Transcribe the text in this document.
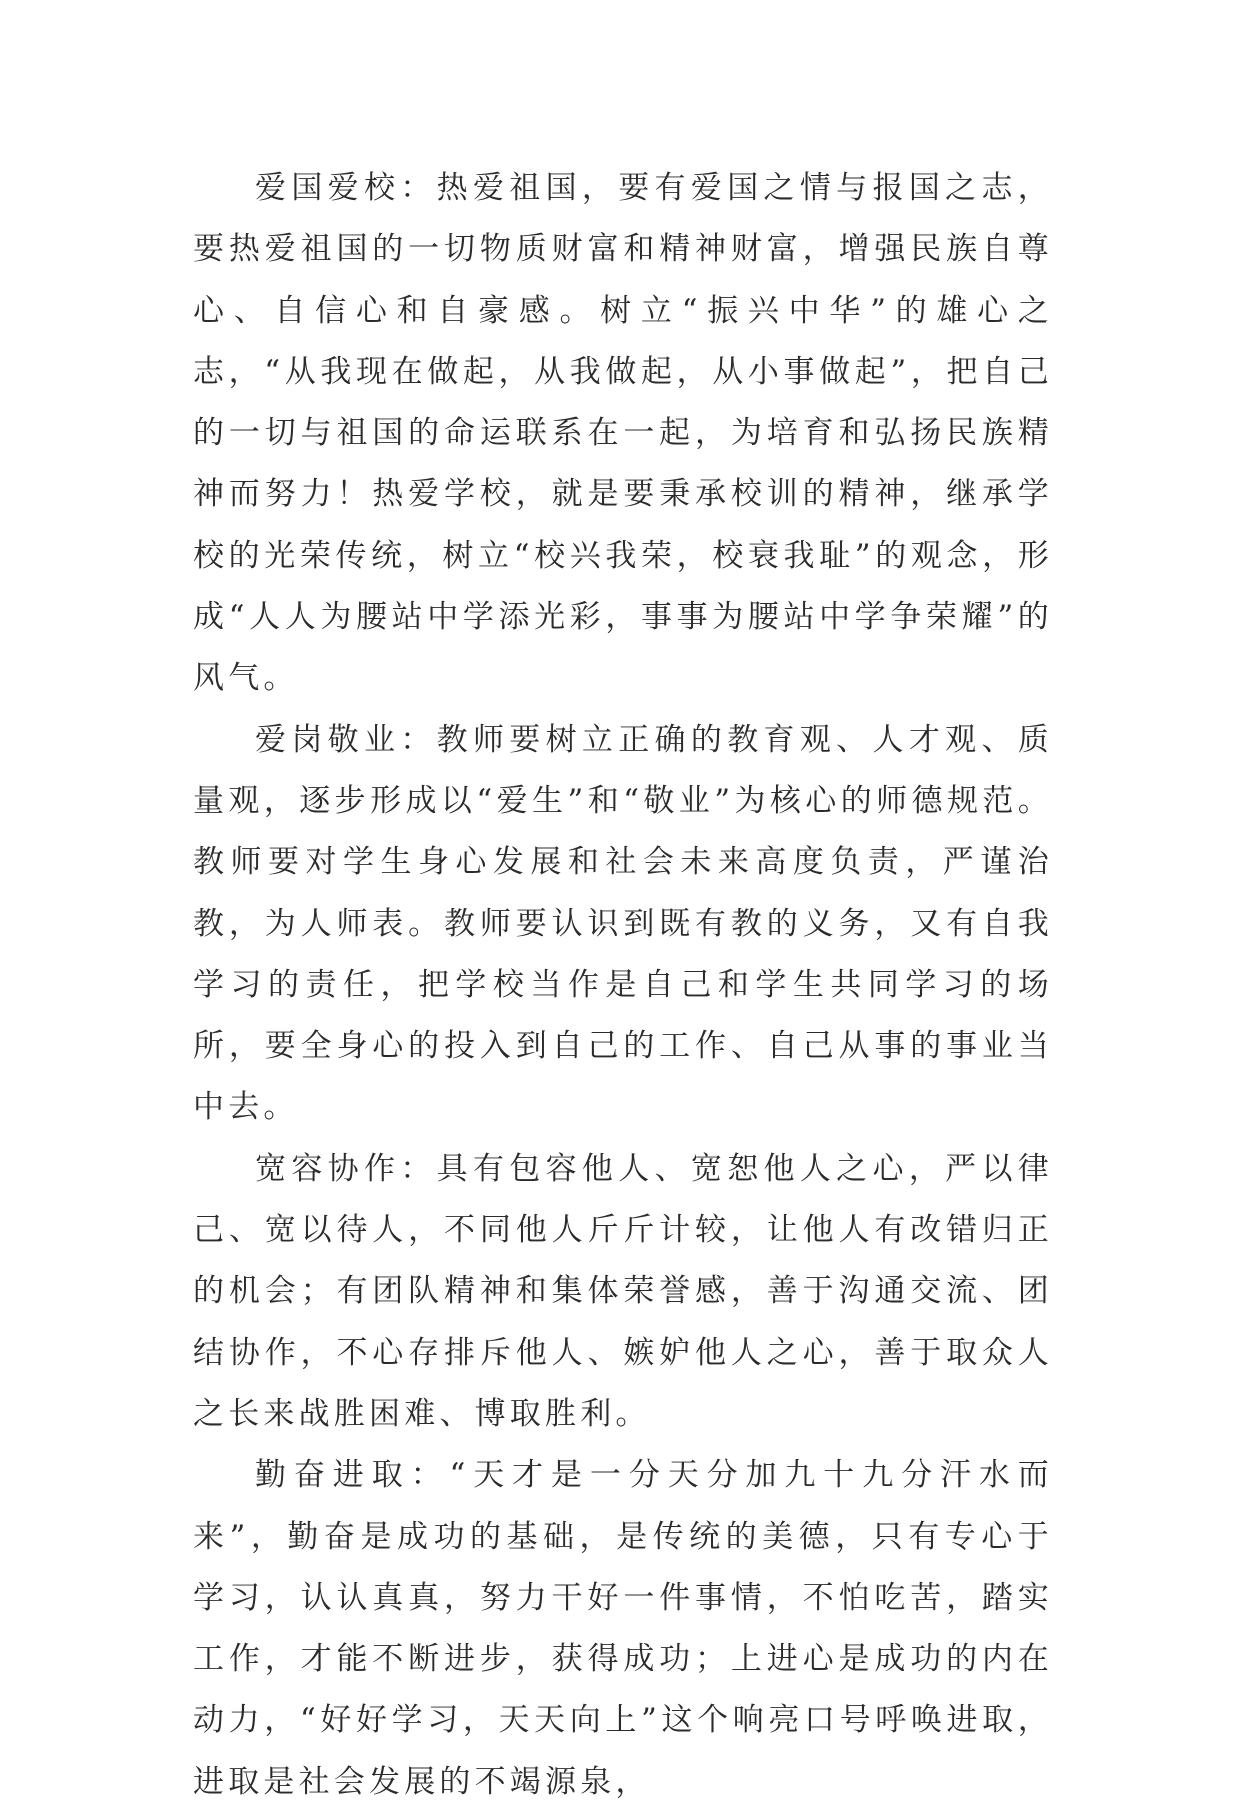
爱国爱校：热爱祖国，要有爱国之情与报国之志，要热爱祖国的一切物质财富和精神财富，增强民族自尊心、自信心和自豪感。树立“振兴中华”的雄心之志，“从我现在做起，从我做起，从小事做起”，把自己的一切与祖国的命运联系在一起，为培育和弘扬民族精神而努力！热爱学校，就是要秉承校训的精神，继承学校的光荣传统，树立“校兴我荣，校衰我耻”的观念，形成“人人为腰站中学添光彩，事事为腰站中学争荣耀”的风气。

爱岗敬业：教师要树立正确的教育观、人才观、质量观，逐步形成以“爱生”和“敬业”为核心的师德规范。教师要对学生身心发展和社会未来高度负责，严谨治教，为人师表。教师要认识到既有教的义务，又有自我学习的责任，把学校当作是自己和学生共同学习的场所，要全身心的投入到自己的工作、自己从事的事业当中去。

宽容协作：具有包容他人、宽恕他人之心，严以律己、宽以待人，不同他人斤斤计较，让他人有改错归正的机会；有团队精神和集体荣誉感，善于沟通交流、团结协作，不心存排斥他人、嫉妒他人之心，善于取众人之长来战胜困难、博取胜利。

勤奋进取：“天才是一分天分加九十九分汗水而来”，勤奋是成功的基础，是传统的美德，只有专心于学习，认认真真，努力干好一件事情，不怕吃苦，踏实工作，才能不断进步，获得成功；上进心是成功的内在动力，“好好学习，天天向上”这个响亮口号呼唤进取，进取是社会发展的不竭源泉，
